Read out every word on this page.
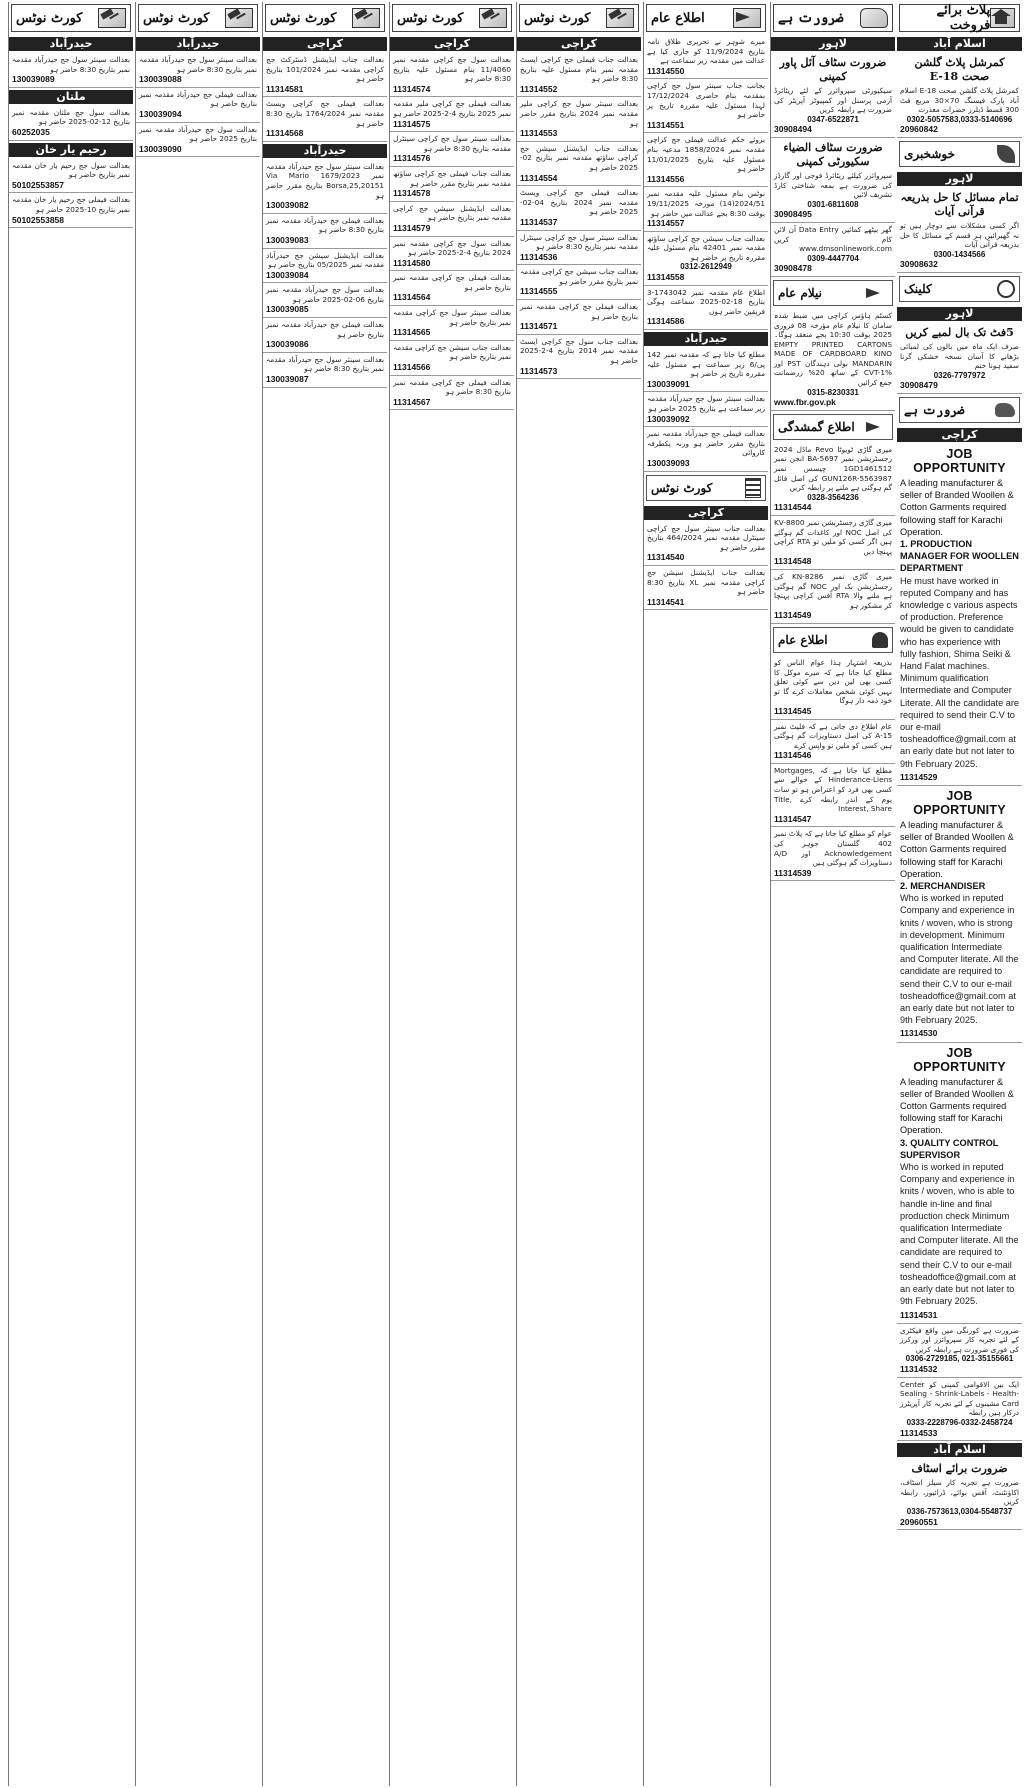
پلاٹ برائے فروخت
اسلام آباد
کمرشل پلاٹ گلشن صحت E-18
کمرشل پلاٹ گلشن صحت E-18 اسلام آباد پارک فیسنگ 70×30 مربع فٹ 300 قسط ڈیلرز حضرات معذرت
0302-5057583,0333-5140696
20960842
خوشخبری
لاہور
تمام مسائل کا حل بذریعہ قرآنی آیات
اگر کسی مشکلات سے دوچار ہیں تو نہ گھبرائیں ہر قسم کے مسائل کا حل بذریعہ قرآنی آیات
0300-1434566
30908632
کلینک
لاہور
5فٹ تک بال لمبے کریں
صرف ایک ماہ میں بالوں کی لمبائی بڑھانے کا آسان نسخہ خشکی گرنا سفید ہونا ختم
0326-7797972
30908479
ضرورت ہے
کراچی
JOB OPPORTUNITY
A leading manufacturer & seller of Branded Woollen & Cotton Garments required following staff for Karachi Operation.
1. PRODUCTION MANAGER FOR WOOLLEN DEPARTMENT
He must have worked in reputed Company and has knowledge c various aspects of production. Preference would be given to candidate who has experience with fully fashion, Shima Seiki & Hand Falat machines. Minimum qualification Intermediate and Computer Literate. All the candidate are required to send their C.V to our e-mail tosheadoffice@gmail.com at an early date but not later to 9th February 2025.
11314529
JOB OPPORTUNITY
A leading manufacturer & seller of Branded Woollen & Cotton Garments required following staff for Karachi Operation.
2. MERCHANDISER
Who is worked in reputed Company and experience in knits / woven, who is strong in development. Minimum qualification Intermediate and Computer literate. All the candidate are required to send their C.V to our e-mail tosheadoffice@gmail.com at an early date but not later to 9th February 2025.
11314530
JOB OPPORTUNITY
A leading manufacturer & seller of Branded Woollen & Cotton Garments required following staff for Karachi Operation.
3. QUALITY CONTROL SUPERVISOR
Who is worked in reputed Company and experience in knits / woven, who is able to handle in-line and final production check Minimum qualification Intermediate and Computer literate. All the candidate are required to send their C.V to our e-mail tosheadoffice@gmail.com at an early date but not later to 9th February 2025.
11314531
ضرورت ہے کورنگی میں واقع فیکٹری کے لئے تجربہ کار سپروائزر اور ورکرز کی فوری ضرورت ہے رابطہ کریں
0306-2729185, 021-35155661
11314532
ایک بین الاقوامی کمپنی کو Center Sealing - Shrink-Labels - Health-Card مشینوں کے لئے تجربہ کار آپریٹرز درکار ہیں رابطہ
0333-2228796-0332-2458724
11314533
اسلام آباد
ضرورت برائے اسٹاف
ضرورت ہے تجربہ کار سیلز اسٹاف، اکاؤنٹنٹ، آفس بوائے، ڈرائیور، رابطہ کریں
0336-7573613,0304-5548737
20960551
ضرورت ہے
لاہور
ضرورت سٹاف آئل پاور کمپنی
سیکیورٹی سپروائزر کے لئے ریٹائرڈ آرمی پرسنل اور کمپیوٹر آپریٹر کی ضرورت ہے رابطہ کریں
0347-6522871
30908494
ضرورت سٹاف الضیاء سکیورٹی کمپنی
سپروائزر کیلئے ریٹائرڈ فوجی اور گارڈز کی ضرورت ہے بمعہ شناختی کارڈ تشریف لائیں
0301-6811608
30908495
گھر بیٹھے کمائیں Data Entry آن لائن کام کریں www.dmsonlinework.com
0309-4447704
30908478
نیلام عام
کسٹم ہاؤس کراچی میں ضبط شدہ سامان کا نیلام عام مؤرخہ 08 فروری 2025 بوقت 10:30 بجے منعقد ہوگا۔ EMPTY PRINTED CARTONS MADE OF CARDBOARD KINO MANDARIN بولی دہندگان PST اور CVT-1% کے ساتھ 20% زرضمانت جمع کرائیں
0315-8230331
www.fbr.gov.pk
اطلاع گمشدگی
میری گاڑی ٹویوٹا Revo ماڈل 2024 رجسٹریشن نمبر BA-5697 انجن نمبر 1GD1461512 چیسس نمبر GUN126R-5563987 کی اصل فائل گم ہوگئی ہے ملنے پر رابطہ کریں
0328-3564236
11314544
میری گاڑی رجسٹریشن نمبر KV-8800 کی اصل NOC اور کاغذات گم ہوگئے ہیں اگر کسی کو ملیں تو RTA کراچی پہنچا دیں
11314548
میری گاڑی نمبر KN-8286 کی رجسٹریشن بک اور NOC گم ہوگئی ہے ملنے والا RTA آفس کراچی پہنچا کر مشکور ہو
11314549
اطلاع عام
بذریعہ اشتہار ہذا عوام الناس کو مطلع کیا جاتا ہے کہ میرے موکل کا کسی بھی لین دین سے کوئی تعلق نہیں کوئی شخص معاملات کرے گا تو خود ذمہ دار ہوگا
11314545
عام اطلاع دی جاتی ہے کہ فلیٹ نمبر A-15 کی اصل دستاویزات گم ہوگئی ہیں کسی کو ملیں تو واپس کرے
11314546
مطلع کیا جاتا ہے کہ Mortgages, Hinderance-Liens کے حوالے سے کسی بھی فرد کو اعتراض ہو تو سات یوم کے اندر رابطہ کرے Title, Interest, Share
11314547
عوام کو مطلع کیا جاتا ہے کہ پلاٹ نمبر 402 گلستان جوہر کی Acknowledgement اور A/D دستاویزات گم ہوگئی ہیں
11314539
اطلاع عام
میرے شوہر نے تحریری طلاق نامہ بتاریخ 11/9/2024 کو جاری کیا ہے عدالت میں مقدمہ زیر سماعت ہے
11314550
بجانب جناب سینئر سول جج کراچی بمقدمہ بنام حاضری 17/12/2024 لہذا مسئول علیہ مقررہ تاریخ پر حاضر ہو
11314551
بروئے حکم عدالت فیملی جج کراچی مقدمہ نمبر 1858/2024 مدعیہ بنام مسئول علیہ بتاریخ 11/01/2025 حاضر ہو
11314556
نوٹس بنام مسئول علیہ مقدمہ نمبر 2024/51(14) مورخہ 19/11/2025 بوقت 8:30 بجے عدالت میں حاضر ہو
11314557
بعدالت جناب سیشن جج کراچی ساؤتھ مقدمہ نمبر 42401 بنام مسئول علیہ مقررہ تاریخ پر حاضر ہو
0312-2612949
11314558
اطلاع عام مقدمہ نمبر 1743042-3 بتاریخ 18-02-2025 سماعت ہوگی فریقین حاضر ہوں
11314586
حیدرآباد
مطلع کیا جاتا ہے کہ مقدمہ نمبر 142 پی/6 زیر سماعت ہے مسئول علیہ مقررہ تاریخ پر حاضر ہو
130039091
بعدالت سینئر سول جج حیدرآباد مقدمہ زیر سماعت ہے بتاریخ 2025 حاضر ہو
130039092
بعدالت فیملی جج حیدرآباد مقدمہ نمبر بتاریخ مقرر حاضر ہو ورنہ یکطرفہ کاروائی
130039093
کورٹ نوٹس
کراچی
بعدالت جناب سینئر سول جج کراچی سینٹرل مقدمہ نمبر 464/2024 بتاریخ مقرر حاضر ہو
11314540
بعدالت جناب ایڈیشنل سیشن جج کراچی مقدمہ نمبر XL بتاریخ 8:30 حاضر ہو
11314541
کورٹ نوٹس
کراچی
بعدالت جناب فیملی جج کراچی ایسٹ مقدمہ نمبر بنام مسئول علیہ بتاریخ 8:30 حاضر ہو
11314552
بعدالت سینئر سول جج کراچی ملیر مقدمہ نمبر 2024 بتاریخ مقرر حاضر ہو
11314553
بعدالت جناب ایڈیشنل سیشن جج کراچی ساؤتھ مقدمہ نمبر بتاریخ 02-2025 حاضر ہو
11314554
بعدالت فیملی جج کراچی ویسٹ مقدمہ نمبر 2024 بتاریخ 04-02-2025 حاضر ہو
11314537
بعدالت سینئر سول جج کراچی سینٹرل مقدمہ نمبر بتاریخ 8:30 حاضر ہو
11314536
بعدالت جناب سیشن جج کراچی مقدمہ نمبر بتاریخ مقرر حاضر ہو
11314555
بعدالت فیملی جج کراچی مقدمہ نمبر بتاریخ حاضر ہو
11314571
بعدالت جناب سول جج کراچی ایسٹ مقدمہ نمبر 2014 بتاریخ 4-2-2025 حاضر ہو
11314573
کورٹ نوٹس
کراچی
بعدالت سول جج کراچی مقدمہ نمبر 11/4060 بنام مسئول علیہ بتاریخ 8:30 حاضر ہو
11314574
بعدالت فیملی جج کراچی ملیر مقدمہ نمبر 2025 بتاریخ 4-2-2025 حاضر ہو
11314575
بعدالت سینئر سول جج کراچی سینٹرل مقدمہ بتاریخ 8:30 حاضر ہو
11314576
بعدالت جناب فیملی جج کراچی ساؤتھ مقدمہ نمبر بتاریخ مقرر حاضر ہو
11314578
بعدالت ایڈیشنل سیشن جج کراچی مقدمہ نمبر بتاریخ حاضر ہو
11314579
بعدالت سول جج کراچی مقدمہ نمبر 2024 بتاریخ 4-2-2025 حاضر ہو
11314580
بعدالت فیملی جج کراچی مقدمہ نمبر بتاریخ حاضر ہو
11314564
بعدالت سینئر سول جج کراچی مقدمہ نمبر بتاریخ حاضر ہو
11314565
بعدالت جناب سیشن جج کراچی مقدمہ نمبر بتاریخ حاضر ہو
11314566
بعدالت فیملی جج کراچی مقدمہ نمبر بتاریخ 8:30 حاضر ہو
11314567
کورٹ نوٹس
کراچی
بعدالت جناب ایڈیشنل ڈسٹرکٹ جج کراچی مقدمہ نمبر 101/2024 بتاریخ حاضر ہو
11314581
بعدالت فیملی جج کراچی ویسٹ مقدمہ نمبر 1764/2024 بتاریخ 8:30 حاضر ہو
11314568
حیدرآباد
بعدالت سینئر سول جج حیدرآباد مقدمہ نمبر 1679/2023 Via Mario Borsa,25,20151 بتاریخ مقرر حاضر ہو
130039082
بعدالت فیملی جج حیدرآباد مقدمہ نمبر بتاریخ 8:30 حاضر ہو
130039083
بعدالت ایڈیشنل سیشن جج حیدرآباد مقدمہ نمبر 05/2025 بتاریخ حاضر ہو
130039084
بعدالت سول جج حیدرآباد مقدمہ نمبر بتاریخ 06-02-2025 حاضر ہو
130039085
بعدالت فیملی جج حیدرآباد مقدمہ نمبر بتاریخ حاضر ہو
130039086
بعدالت سینئر سول جج حیدرآباد مقدمہ نمبر بتاریخ 8:30 حاضر ہو
130039087
کورٹ نوٹس
حیدرآباد
بعدالت سینئر سول جج حیدرآباد مقدمہ نمبر بتاریخ 8:30 حاضر ہو
130039088
بعدالت فیملی جج حیدرآباد مقدمہ نمبر بتاریخ حاضر ہو
130039094
بعدالت سول جج حیدرآباد مقدمہ نمبر بتاریخ 2025 حاضر ہو
130039090
کورٹ نوٹس
حیدرآباد
بعدالت سینئر سول جج حیدرآباد مقدمہ نمبر بتاریخ 8:30 حاضر ہو
130039089
ملتان
بعدالت سول جج ملتان مقدمہ نمبر بتاریخ 12-02-2025 حاضر ہو
60252035
رحیم یار خان
بعدالت سول جج رحیم یار خان مقدمہ نمبر بتاریخ حاضر ہو
50102553857
بعدالت فیملی جج رحیم یار خان مقدمہ نمبر بتاریخ 10-2025 حاضر ہو
50102553858
